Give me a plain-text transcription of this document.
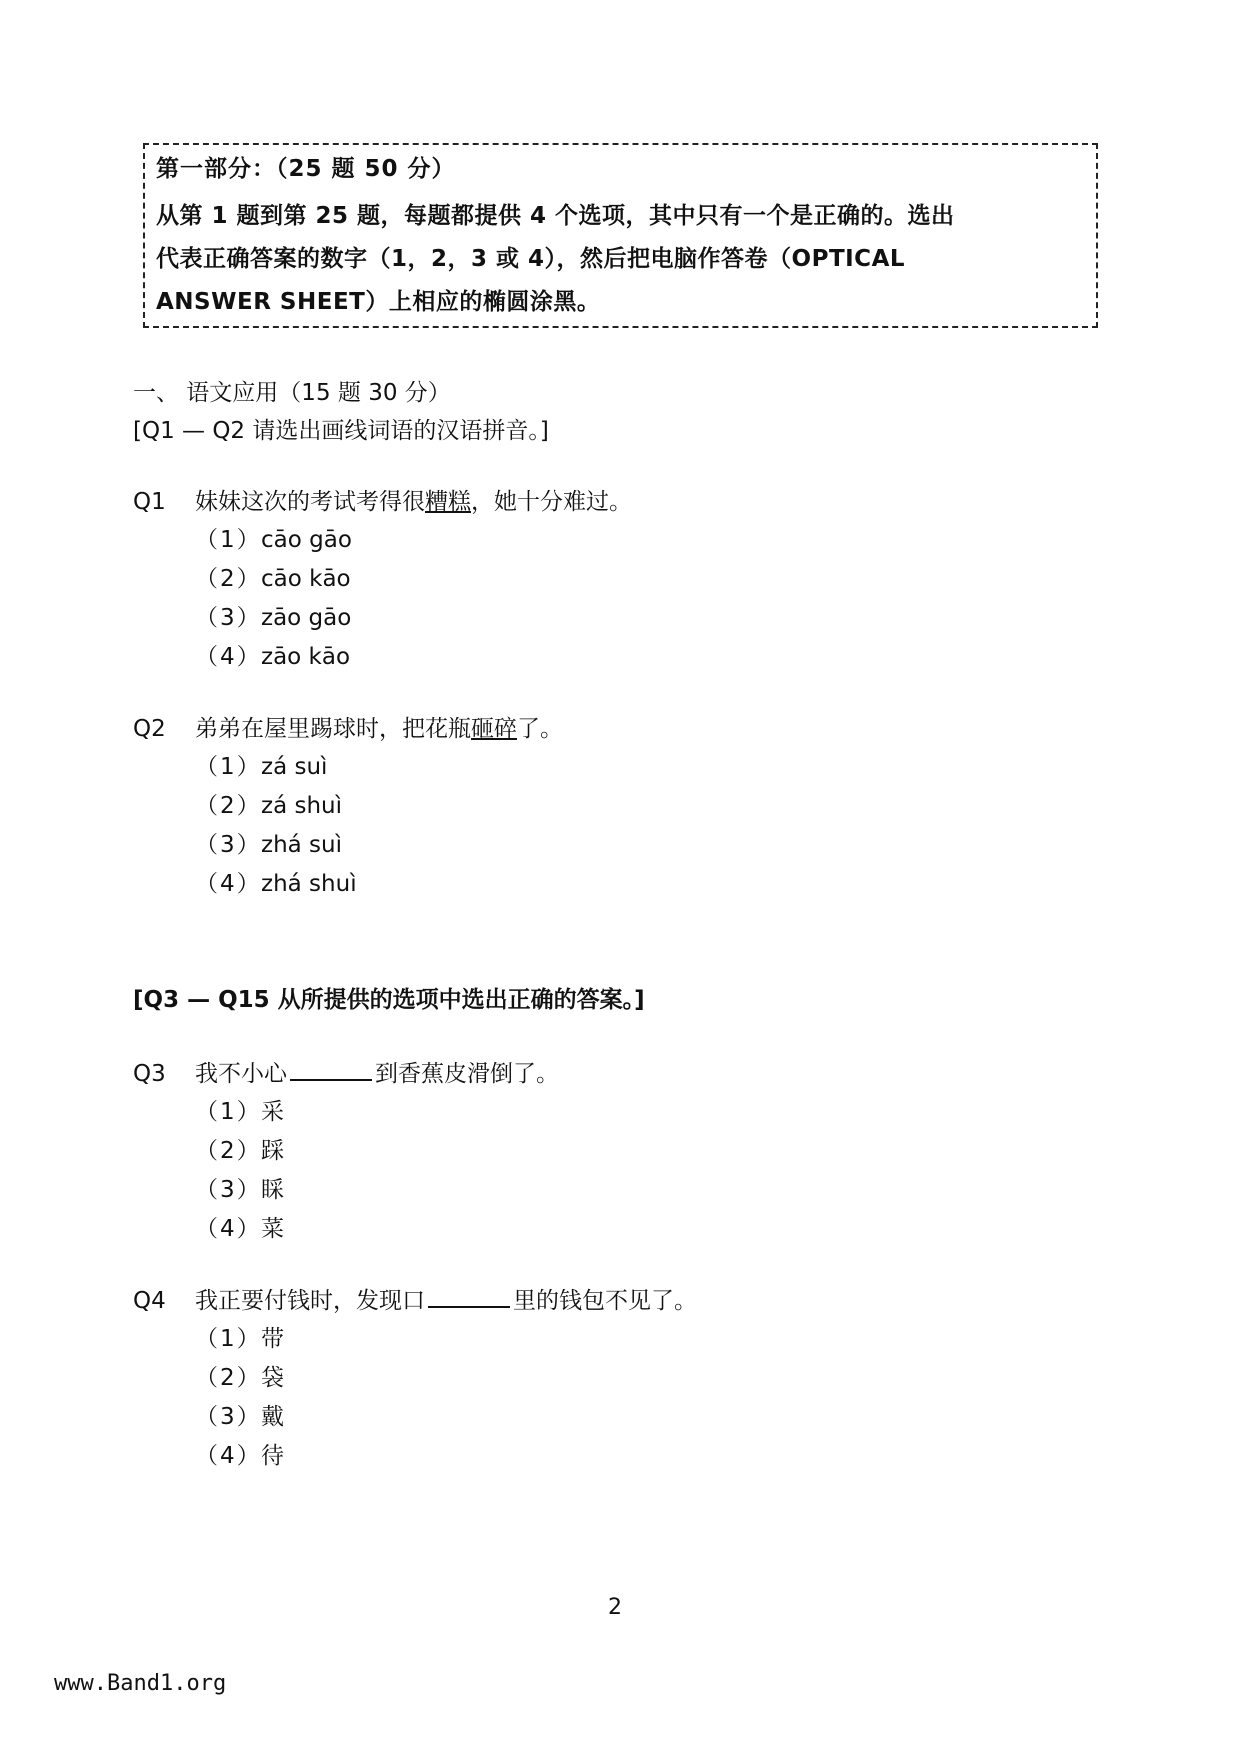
第一部分：（25 题 50 分）
从第 1 题到第 25 题，每题都提供 4 个选项，其中只有一个是正确的。选出
代表正确答案的数字（1，2，3 或 4），然后把电脑作答卷（OPTICAL
ANSWER SHEET）上相应的椭圆涂黑。
一、 语文应用（15 题 30 分）
[Q1 — Q2 请选出画线词语的汉语拼音。]
Q1	妹妹这次的考试考得很 糟糕 ，她十分难过。
（1） cāo gāo
（2） cāo kāo
（3） zāo gāo
（4） zāo kāo
Q2	弟弟在屋里踢球时，把花瓶 砸碎 了。
（1） zá suì
（2） zá shuì
（3） zhá suì
（4） zhá shuì
[Q3 — Q15 从所提供的选项中选出正确的答案。]
Q3	我不小心	到香蕉皮滑倒了。
（1） 采
（2） 踩
（3） 睬
（4） 菜
Q4	我正要付钱时，发现口	里的钱包不见了。
（1） 带
（2） 袋
（3） 戴
（4） 待
2
www.Band1.org
